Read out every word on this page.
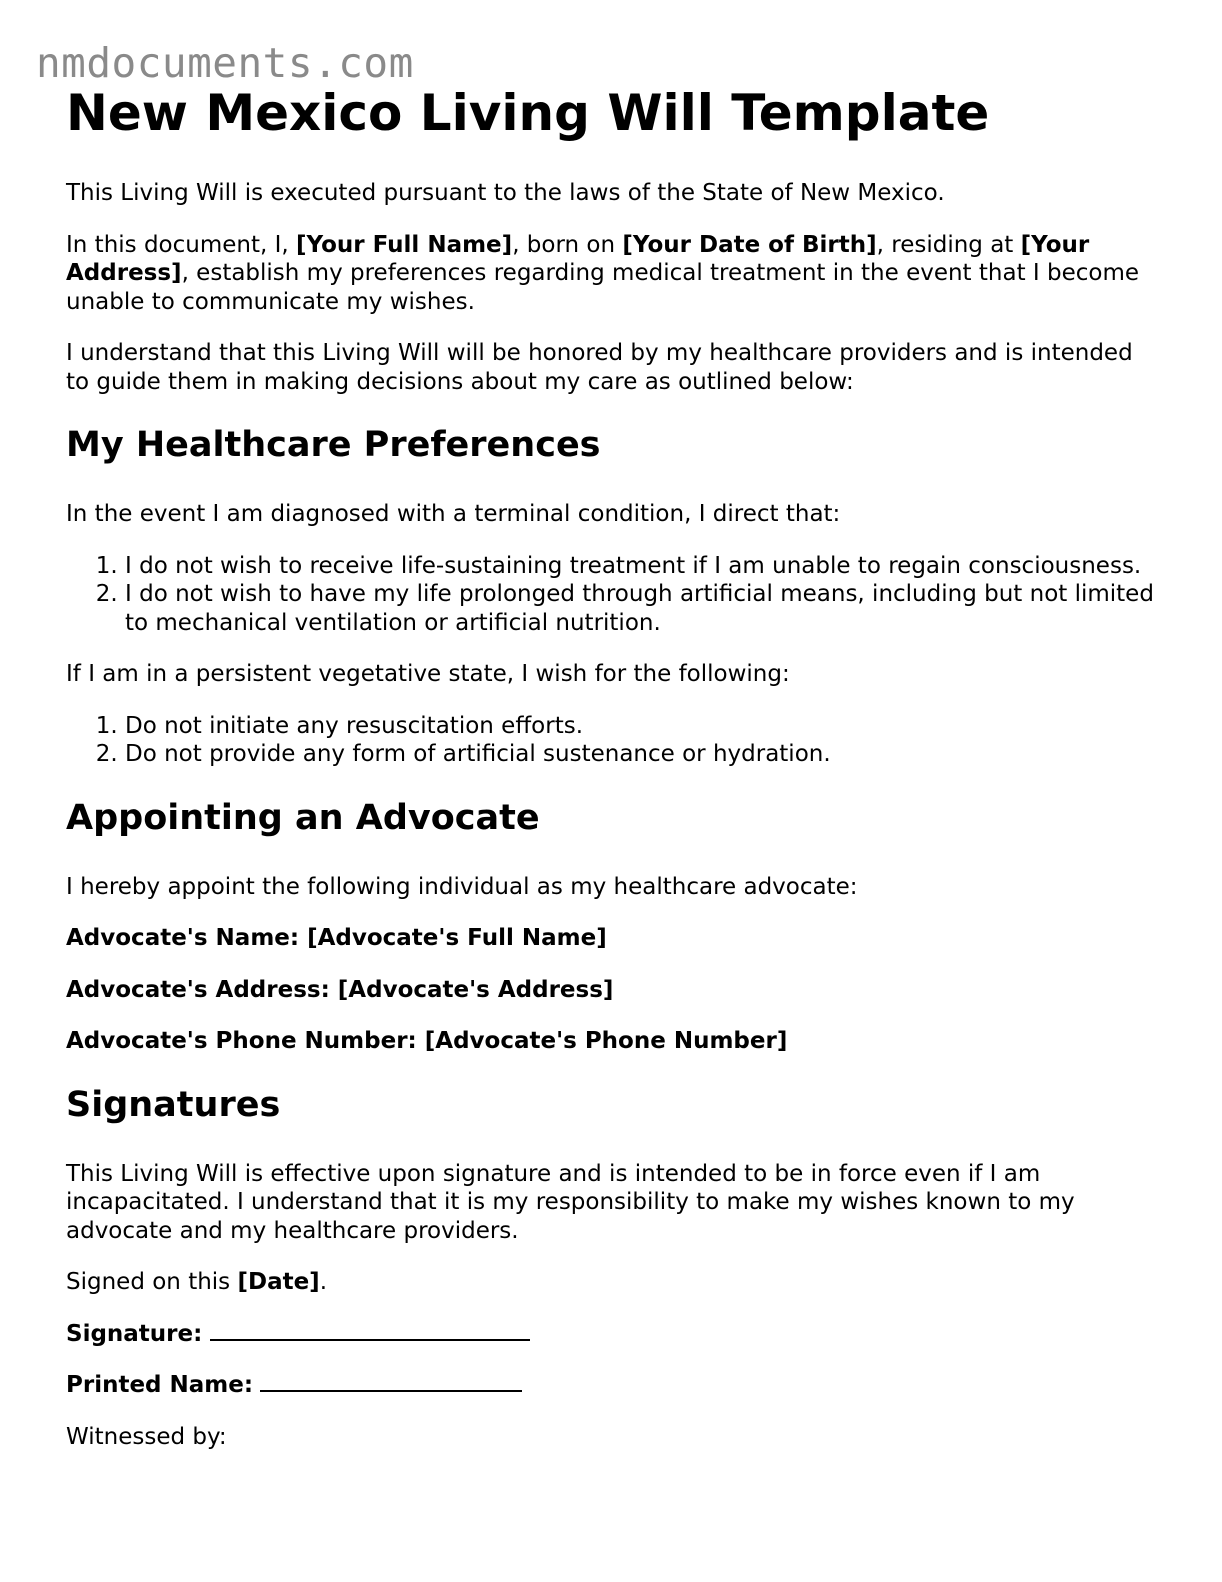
nmdocuments.com
New Mexico Living Will Template

This Living Will is executed pursuant to the laws of the State of New Mexico.

In this document, I, [Your Full Name], born on [Your Date of Birth], residing at [Your Address], establish my preferences regarding medical treatment in the event that I become unable to communicate my wishes.

I understand that this Living Will will be honored by my healthcare providers and is intended to guide them in making decisions about my care as outlined below:

My Healthcare Preferences

In the event I am diagnosed with a terminal condition, I direct that:

1. I do not wish to receive life-sustaining treatment if I am unable to regain consciousness.
2. I do not wish to have my life prolonged through artificial means, including but not limited to mechanical ventilation or artificial nutrition.

If I am in a persistent vegetative state, I wish for the following:

1. Do not initiate any resuscitation efforts.
2. Do not provide any form of artificial sustenance or hydration.
Appointing an Advocate

I hereby appoint the following individual as my healthcare advocate:

Advocate's Name: [Advocate's Full Name]

Advocate's Address: [Advocate's Address]

Advocate's Phone Number: [Advocate's Phone Number]

Signatures

This Living Will is effective upon signature and is intended to be in force even if I am incapacitated. I understand that it is my responsibility to make my wishes known to my advocate and my healthcare providers.

Signed on this [Date].

Signature:

Printed Name:

Witnessed by:
